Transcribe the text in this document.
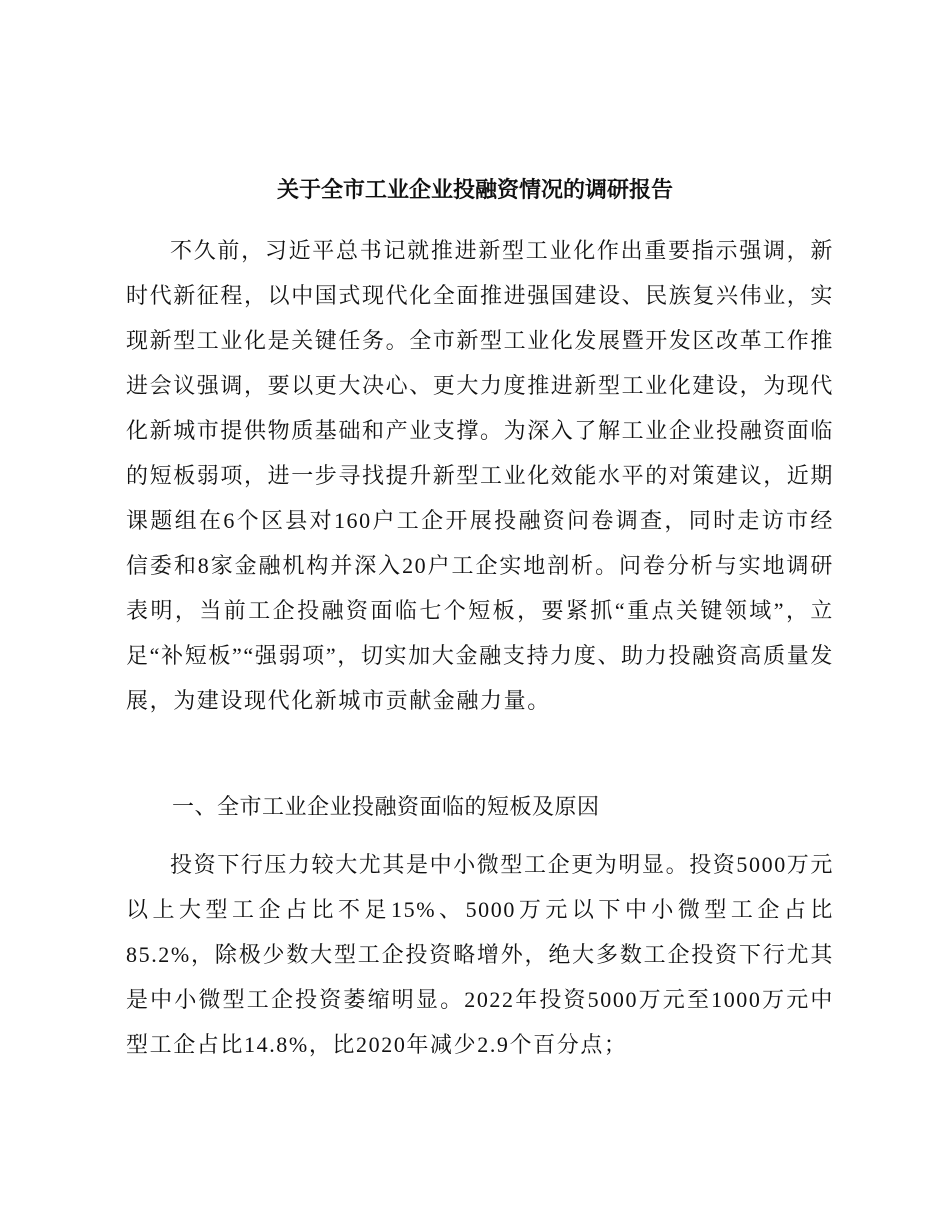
关于全市工业企业投融资情况的调研报告

不久前，习近平总书记就推进新型工业化作出重要指示强调，新时代新征程，以中国式现代化全面推进强国建设、民族复兴伟业，实现新型工业化是关键任务。全市新型工业化发展暨开发区改革工作推进会议强调，要以更大决心、更大力度推进新型工业化建设，为现代化新城市提供物质基础和产业支撑。为深入了解工业企业投融资面临的短板弱项，进一步寻找提升新型工业化效能水平的对策建议，近期课题组在6个区县对160户工企开展投融资问卷调查，同时走访市经信委和8家金融机构并深入20户工企实地剖析。问卷分析与实地调研表明，当前工企投融资面临七个短板，要紧抓“重点关键领域”，立足“补短板”“强弱项”，切实加大金融支持力度、助力投融资高质量发展，为建设现代化新城市贡献金融力量。

一、全市工业企业投融资面临的短板及原因

投资下行压力较大尤其是中小微型工企更为明显。投资5000万元以上大型工企占比不足15%、5000万元以下中小微型工企占比85.2%，除极少数大型工企投资略增外，绝大多数工企投资下行尤其是中小微型工企投资萎缩明显。2022年投资5000万元至1000万元中型工企占比14.8%，比2020年减少2.9个百分点；
